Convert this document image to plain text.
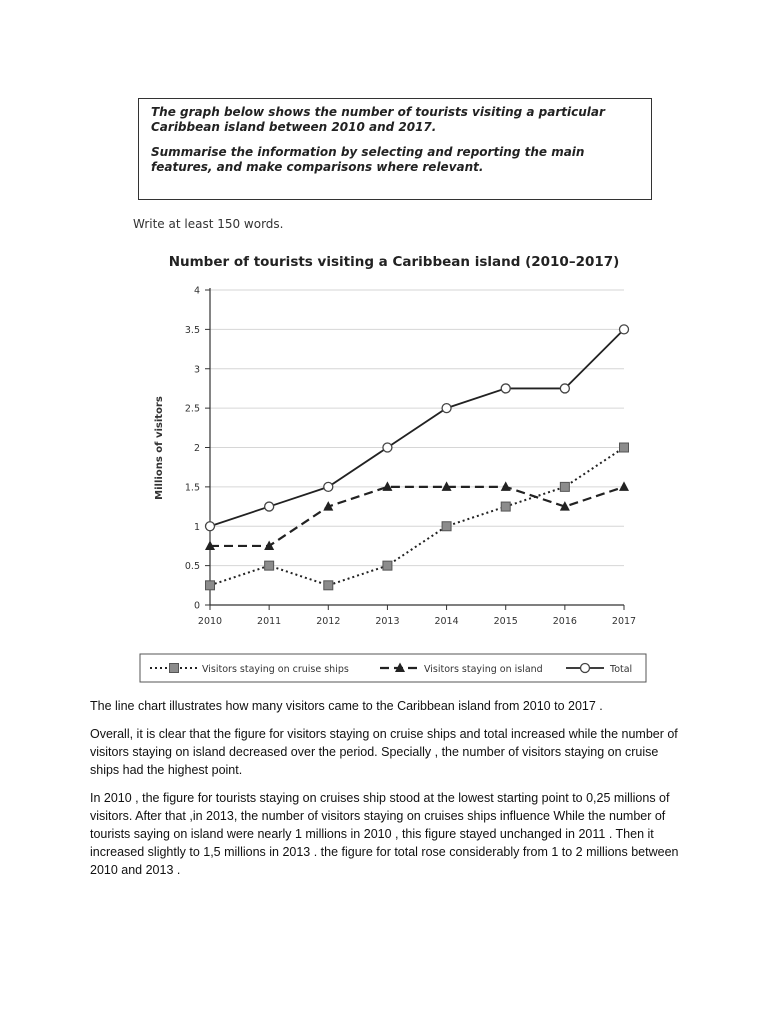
The graph below shows the number of tourists visiting a particular Caribbean island between 2010 and 2017.

Summarise the information by selecting and reporting the main features, and make comparisons where relevant.

Write at least 150 words.
Number of tourists visiting a Caribbean island (2010–2017)
Millions of visitors
0
0.5
1
1.5
2
2.5
3
3.5
4
2010	2011	2012	2013	2014	2015	2016	2017
Visitors staying on cruise ships	Visitors staying on island	Total

The line chart illustrates how many visitors came to the Caribbean island from 2010 to 2017 .

Overall, it is clear that the figure for visitors staying on cruise ships and total increased while the number of visitors staying on island decreased over the period. Specially , the number of visitors staying on cruise ships had the highest point.

In 2010 , the figure for tourists staying on cruises ship stood at the lowest starting point to 0,25 millions of visitors. After that ,in 2013, the number of visitors staying on cruises ships influence While the number of tourists saying on island were nearly 1 millions in 2010 , this figure stayed unchanged in 2011 . Then it increased slightly to 1,5 millions in 2013 . the figure for total rose considerably from 1 to 2 millions between 2010 and 2013 .
